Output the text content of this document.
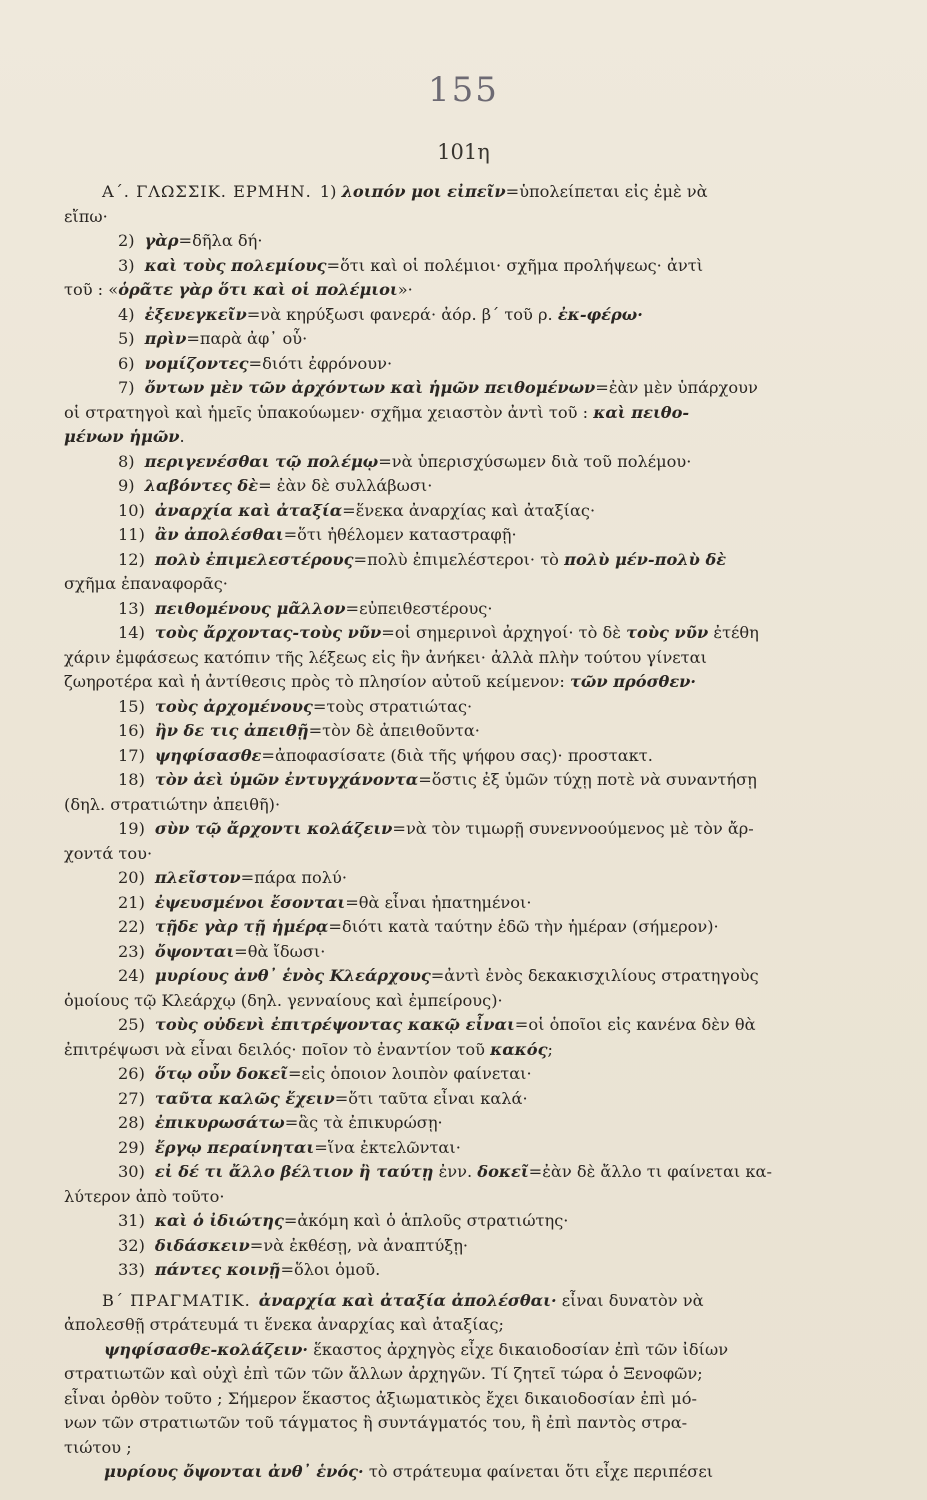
155
101η
Α΄. ΓΛΩΣΣΙΚ. ΕΡΜΗΝ. 1) λοιπόν μοι εἰπεῖν=ὑπολείπεται εἰς ἐμὲ νὰ
εἴπω·
2) γὰρ=δῆλα δή·
3) καὶ τοὺς πολεμίους=ὅτι καὶ οἱ πολέμιοι· σχῆμα προλήψεως· ἀντὶ
τοῦ : «ὁρᾶτε γὰρ ὅτι καὶ οἱ πολέμιοι»·
4) ἐξενεγκεῖν=νὰ κηρύξωσι φανερά· ἀόρ. β΄ τοῦ ρ. ἐκ-φέρω·
5) πρὶν=παρὰ ἀφ᾽ οὗ·
6) νομίζοντες=διότι ἐφρόνουν·
7) ὄντων μὲν τῶν ἀρχόντων καὶ ἡμῶν πειθομένων=ἐὰν μὲν ὑπάρχουν
οἱ στρατηγοὶ καὶ ἡμεῖς ὑπακούωμεν· σχῆμα χειαστὸν ἀντὶ τοῦ : καὶ πειθο-
μένων ἡμῶν.
8) περιγενέσθαι τῷ πολέμῳ=νὰ ὑπερισχύσωμεν διὰ τοῦ πολέμου·
9) λαβόντες δὲ= ἐὰν δὲ συλλάβωσι·
10) ἀναρχία καὶ ἀταξία=ἕνεκα ἀναρχίας καὶ ἀταξίας·
11) ἂν ἀπολέσθαι=ὅτι ἠθέλομεν καταστραφῇ·
12) πολὺ ἐπιμελεστέρους=πολὺ ἐπιμελέστεροι· τὸ πολὺ μέν-πολὺ δὲ
σχῆμα ἐπαναφορᾶς·
13) πειθομένους μᾶλλον=εὐπειθεστέρους·
14) τοὺς ἄρχοντας-τοὺς νῦν=οἱ σημερινοὶ ἀρχηγοί· τὸ δὲ τοὺς νῦν ἐτέθη
χάριν ἐμφάσεως κατόπιν τῆς λέξεως εἰς ἣν ἀνήκει· ἀλλὰ πλὴν τούτου γίνεται
ζωηροτέρα καὶ ἡ ἀντίθεσις πρὸς τὸ πλησίον αὐτοῦ κείμενον: τῶν πρόσθεν·
15) τοὺς ἀρχομένους=τοὺς στρατιώτας·
16) ἢν δε τις ἀπειθῇ=τὸν δὲ ἀπειθοῦντα·
17) ψηφίσασθε=ἀποφασίσατε (διὰ τῆς ψήφου σας)· προστακτ.
18) τὸν ἀεὶ ὑμῶν ἐντυγχάνοντα=ὅστις ἐξ ὑμῶν τύχῃ ποτὲ νὰ συναντήσῃ
(δηλ. στρατιώτην ἀπειθῆ)·
19) σὺν τῷ ἄρχοντι κολάζειν=νὰ τὸν τιμωρῇ συνεννοούμενος μὲ τὸν ἄρ-
χοντά του·
20) πλεῖστον=πάρα πολύ·
21) ἐψευσμένοι ἔσονται=θὰ εἶναι ἠπατημένοι·
22) τῇδε γὰρ τῇ ἡμέρᾳ=διότι κατὰ ταύτην ἐδῶ τὴν ἡμέραν (σήμερον)·
23) ὄψονται=θὰ ἴδωσι·
24) μυρίους ἀνθ᾽ ἑνὸς Κλεάρχους=ἀντὶ ἑνὸς δεκακισχιλίους στρατηγοὺς
ὁμοίους τῷ Κλεάρχῳ (δηλ. γενναίους καὶ ἐμπείρους)·
25) τοὺς οὐδενὶ ἐπιτρέψοντας κακῷ εἶναι=οἱ ὁποῖοι εἰς κανένα δὲν θὰ
ἐπιτρέψωσι νὰ εἶναι δειλός· ποῖον τὸ ἐναντίον τοῦ κακός;
26) ὅτῳ οὖν δοκεῖ=εἰς ὁποιον λοιπὸν φαίνεται·
27) ταῦτα καλῶς ἔχειν=ὅτι ταῦτα εἶναι καλά·
28) ἐπικυρωσάτω=ἃς τὰ ἐπικυρώσῃ·
29) ἔργῳ περαίνηται=ἵνα ἐκτελῶνται·
30) εἰ δέ τι ἄλλο βέλτιον ἢ ταύτῃ ἐνν. δοκεῖ=ἐὰν δὲ ἄλλο τι φαίνεται κα-
λύτερον ἀπὸ τοῦτο·
31) καὶ ὁ ἰδιώτης=ἀκόμη καὶ ὁ ἁπλοῦς στρατιώτης·
32) διδάσκειν=νὰ ἐκθέσῃ, νὰ ἀναπτύξῃ·
33) πάντες κοινῇ=ὅλοι ὁμοῦ.
Β΄ ΠΡΑΓΜΑΤΙΚ. ἀναρχία καὶ ἀταξία ἀπολέσθαι· εἶναι δυνατὸν νὰ
ἀπολεσθῇ στράτευμά τι ἕνεκα ἀναρχίας καὶ ἀταξίας;
ψηφίσασθε-κολάζειν· ἕκαστος ἀρχηγὸς εἶχε δικαιοδοσίαν ἐπὶ τῶν ἰδίων
στρατιωτῶν καὶ οὐχὶ ἐπὶ τῶν τῶν ἄλλων ἀρχηγῶν. Τί ζητεῖ τώρα ὁ Ξενοφῶν;
εἶναι ὀρθὸν τοῦτο ; Σήμερον ἕκαστος ἀξιωματικὸς ἔχει δικαιοδοσίαν ἐπὶ μό-
νων τῶν στρατιωτῶν τοῦ τάγματος ἢ συντάγματός του, ἢ ἐπὶ παντὸς στρα-
τιώτου ;
μυρίους ὄψονται ἀνθ᾽ ἑνός· τὸ στράτευμα φαίνεται ὅτι εἶχε περιπέσει
